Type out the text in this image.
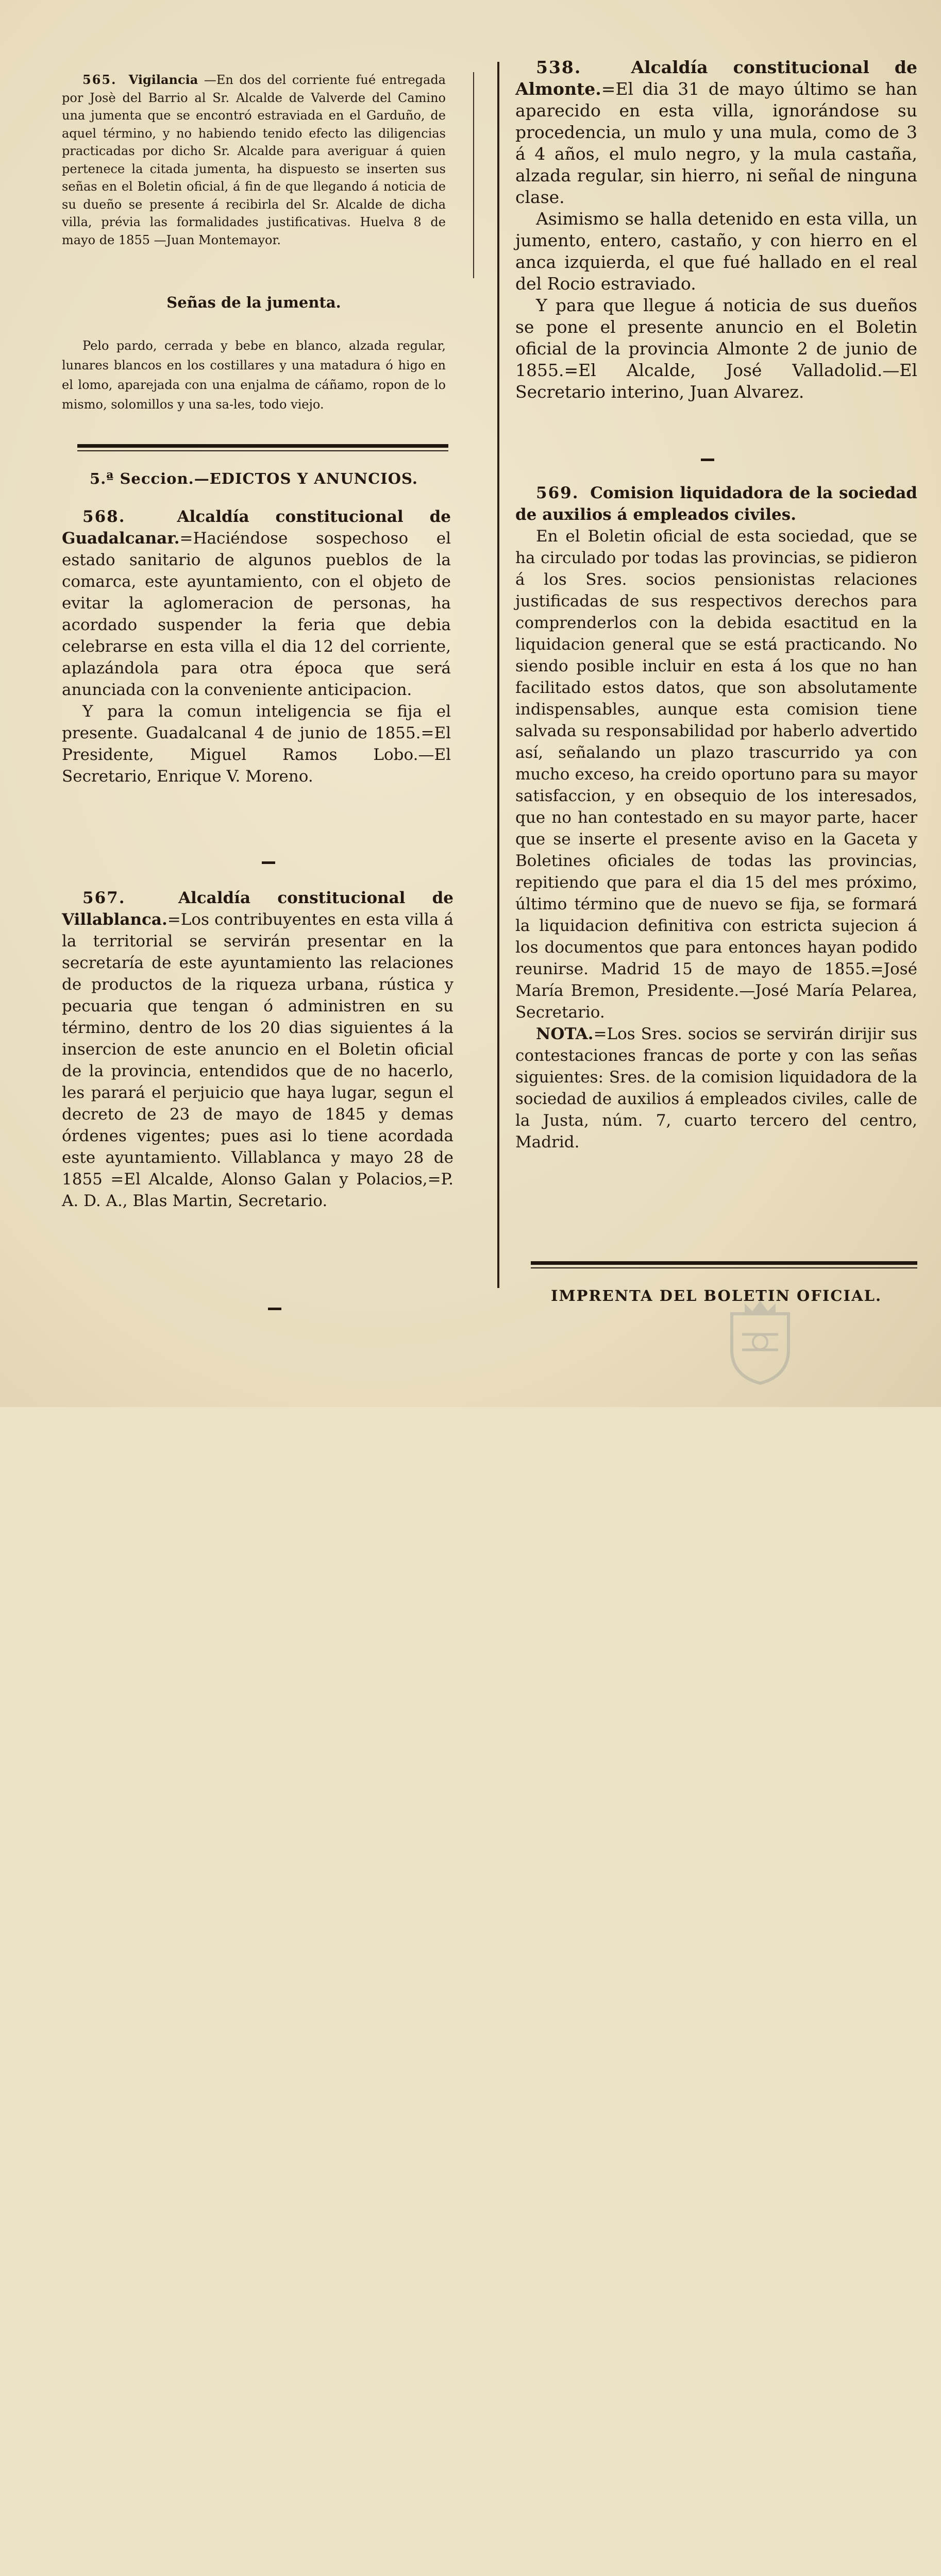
565. Vigilancia —En dos del corriente fué entregada por Josè del Barrio al Sr. Alcalde de Valverde del Camino una jumenta que se encontró estraviada en el Garduño, de aquel término, y no habiendo tenido efecto las diligencias practicadas por dicho Sr. Alcalde para averiguar á quien pertenece la citada jumenta, ha dispuesto se inserten sus señas en el Boletin oficial, á fin de que llegando á noticia de su dueño se presente á recibirla del Sr. Alcalde de dicha villa, prévia las formalidades justificativas. Huelva 8 de mayo de 1855 —Juan Montemayor.

Señas de la jumenta.

Pelo pardo, cerrada y bebe en blanco, alzada regular, lunares blancos en los costillares y una matadura ó higo en el lomo, aparejada con una enjalma de cáñamo, ropon de lo mismo, solomillos y una sa-les, todo viejo.

5.ª Seccion.—EDICTOS Y ANUNCIOS.

568.	Alcaldía constitucional de Guadalcanar.=Haciéndose sospechoso el estado sanitario de algunos pueblos de la comarca, este ayuntamiento, con el objeto de evitar la aglomeracion de personas, ha acordado suspender la feria que debia celebrarse en esta villa el dia 12 del corriente, aplazándola para otra época que será anunciada con la conveniente anticipacion.

Y para la comun inteligencia se fija el presente. Guadalcanal 4 de junio de 1855.=El Presidente, Miguel Ramos Lobo.—El Secretario, Enrique V. Moreno.

567.	Alcaldía constitucional de Villablanca.=Los contribuyentes en esta villa á la territorial se servirán presentar en la secretaría de este ayuntamiento las relaciones de productos de la riqueza urbana, rústica y pecuaria que tengan ó administren en su término, dentro de los 20 dias siguientes á la insercion de este anuncio en el Boletin oficial de la provincia, entendidos que de no hacerlo, les parará el perjuicio que haya lugar, segun el decreto de 23 de mayo de 1845 y demas órdenes vigentes; pues asi lo tiene acordada este ayuntamiento. Villablanca y mayo 28 de 1855 =El Alcalde, Alonso Galan y Polacios,=P. A. D. A., Blas Martin, Secretario.

538.	Alcaldía constitucional de Almonte.=El dia 31 de mayo último se han aparecido en esta villa, ignorándose su procedencia, un mulo y una mula, como de 3 á 4 años, el mulo negro, y la mula castaña, alzada regular, sin hierro, ni señal de ninguna clase.

Asimismo se halla detenido en esta villa, un jumento, entero, castaño, y con hierro en el anca izquierda, el que fué hallado en el real del Rocio estraviado.

Y para que llegue á noticia de sus dueños se pone el presente anuncio en el Boletin oficial de la provincia Almonte 2 de junio de 1855.=El Alcalde, José Valladolid.—El Secretario interino, Juan Alvarez.

569. Comision liquidadora de la sociedad de auxilios á empleados civiles.

En el Boletin oficial de esta sociedad, que se ha circulado por todas las provincias, se pidieron á los Sres. socios pensionistas relaciones justificadas de sus respectivos derechos para comprenderlos con la debida esactitud en la liquidacion general que se está practicando. No siendo posible incluir en esta á los que no han facilitado estos datos, que son absolutamente indispensables, aunque esta comision tiene salvada su responsabilidad por haberlo advertido así, señalando un plazo trascurrido ya con mucho exceso, ha creido oportuno para su mayor satisfaccion, y en obsequio de los interesados, que no han contestado en su mayor parte, hacer que se inserte el presente aviso en la Gaceta y Boletines oficiales de todas las provincias, repitiendo que para el dia 15 del mes próximo, último término que de nuevo se fija, se formará la liquidacion definitiva con estricta sujecion á los documentos que para entonces hayan podido reunirse. Madrid 15 de mayo de 1855.=José María Bremon, Presidente.—José María Pelarea, Secretario.

NOTA.=Los Sres. socios se servirán dirijir sus contestaciones francas de porte y con las señas siguientes: Sres. de la comision liquidadora de la sociedad de auxilios á empleados civiles, calle de la Justa, núm. 7, cuarto tercero del centro, Madrid.

IMPRENTA DEL BOLETIN OFICIAL.
